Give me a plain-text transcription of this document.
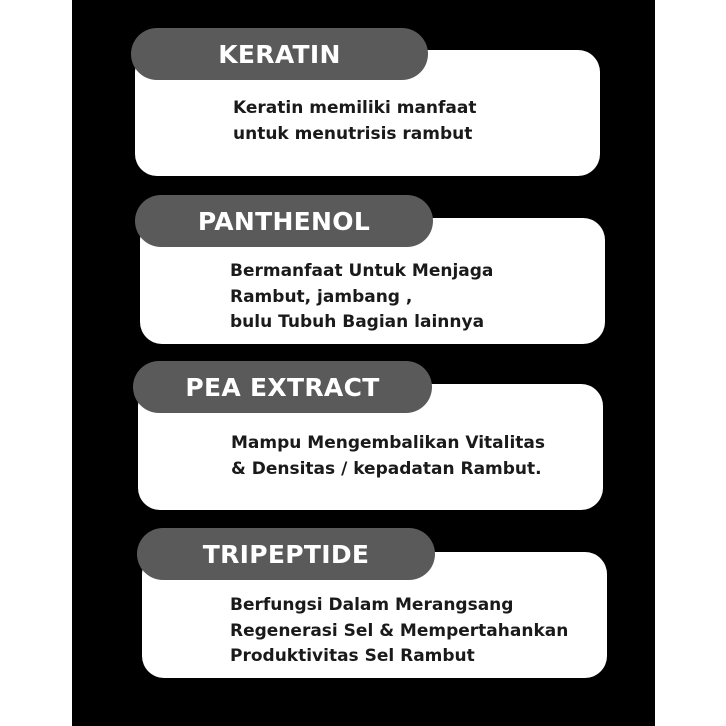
Keratin memiliki manfaat
untuk menutrisis rambut

KERATIN

Bermanfaat Untuk Menjaga
Rambut, jambang ,
bulu Tubuh Bagian lainnya

PANTHENOL

Mampu Mengembalikan Vitalitas
& Densitas / kepadatan Rambut.

PEA EXTRACT

Berfungsi Dalam Merangsang
Regenerasi Sel & Mempertahankan
Produktivitas Sel Rambut

TRIPEPTIDE
